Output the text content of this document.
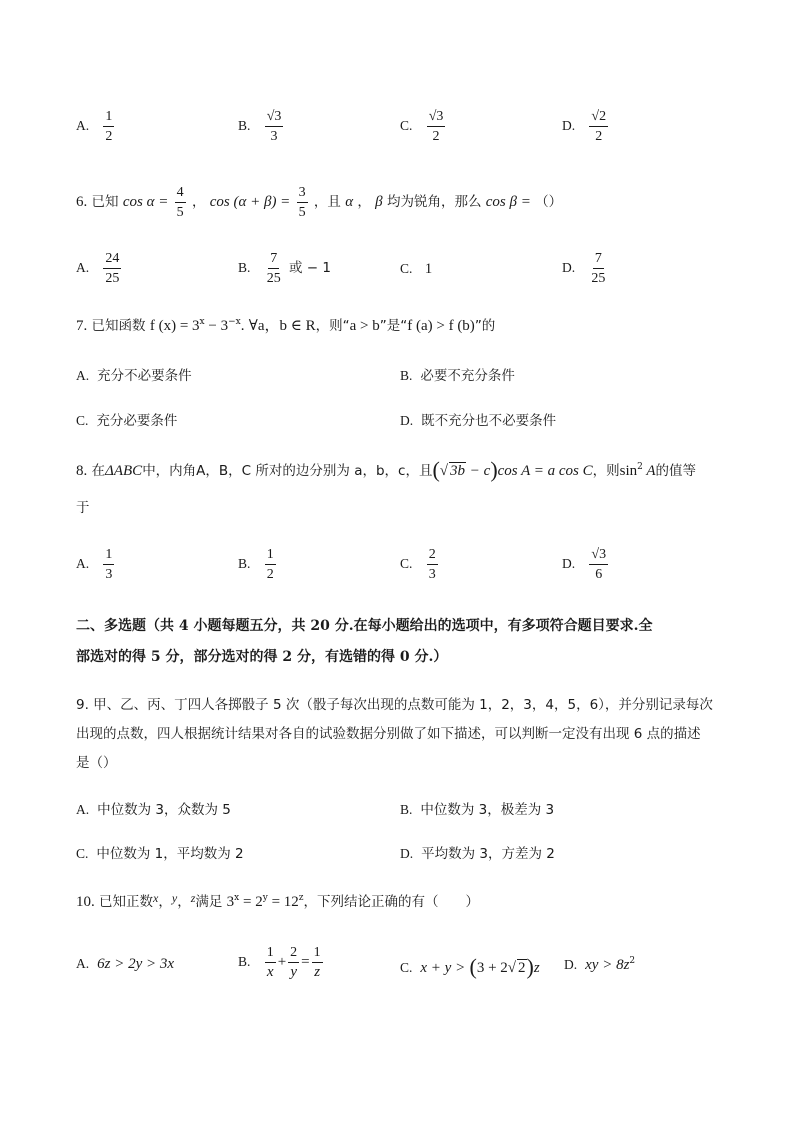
A. $\frac{1}{2}$	B. $\frac{√3}{3}$	C. $\frac{√3}{2}$	D. $\frac{√2}{2}$
6. 已知 $\cos \alpha = \frac{4}{5}$ ， $\cos (\alpha + \beta) = \frac{3}{5}$ ，且 α ， β 均为锐角，那么 cos β = （）
A. $\frac{24}{25}$	B. $\frac{7}{25}$ 或 − 1	C. 1	D. $\frac{7}{25}$
7. 已知函数 f $(x) = 3^x - 3^{-x}$. ∀a，b ∈ R，则“a > b”是“f (a) > f (b)”的
A. 充分不必要条件	B. 必要不充分条件
C. 充分必要条件	D. 既不充分也不必要条件
8. 在ΔABC中，内角A，B，C 所对的边分别为 a，b，c，且(√ 3b − c)cos A = a cos C，则$\sin^2 A$的值等
于
A. $\frac{1}{3}$	B. $\frac{1}{2}$	C. $\frac{2}{3}$	D. $\frac{√3}{6}$
二、多选题（共 4 小题每题五分，共 20 分.在每小题给出的选项中，有多项符合题目要求.全
部选对的得 5 分，部分选对的得 2 分，有选错的得 0 分.）
9. 甲、乙、丙、丁四人各掷骰子 5 次（骰子每次出现的点数可能为 1，2，3，4，5，6），并分别记录每次
出现的点数，四人根据统计结果对各自的试验数据分别做了如下描述，可以判断一定没有出现 6 点的描述
是（）
A. 中位数为 3，众数为 5	B. 中位数为 3，极差为 3
C. 中位数为 1，平均数为 2	D. 平均数为 3，方差为 2
10. 已知正数x，y，z满足 $3^x = 2^y = 12^z$，下列结论正确的有（　　）
A. 6z > 2y > 3x	B. $\frac{1}{x} + \frac{2}{y} = \frac{1}{z}$	C. x + y > (3 + 2√ 2)z D. xy > $8z^2$
